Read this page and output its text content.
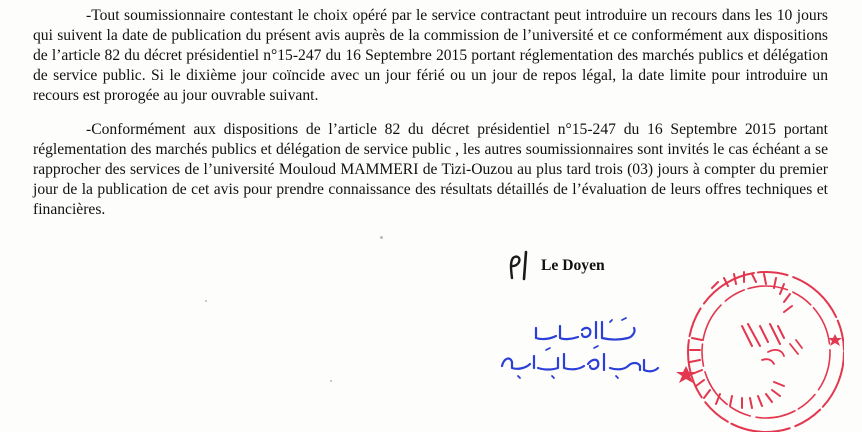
-Tout soumissionnaire contestant le choix opéré par le service contractant peut introduire un recours dans les 10 jours qui suivent la date de publication du présent avis auprès de la commission de l’université et ce conformément aux dispositions de l’article 82 du décret présidentiel n°15-247 du 16 Septembre 2015 portant réglementation des marchés publics et délégation de service public. Si le dixième jour coïncide avec un jour férié ou un jour de repos légal, la date limite pour introduire un recours est prorogée au jour ouvrable suivant.

-Conformément aux dispositions de l’article 82 du décret présidentiel n°15-247 du 16 Septembre 2015 portant réglementation des marchés publics et délégation de service public , les autres soumissionnaires sont invités le cas échéant a se rapprocher des services de l’université Mouloud MAMMERI de Tizi-Ouzou au plus tard trois (03) jours à compter du premier jour de la publication de cet avis pour prendre connaissance des résultats détaillés de l’évaluation de leurs offres techniques et financières.

Le Doyen
